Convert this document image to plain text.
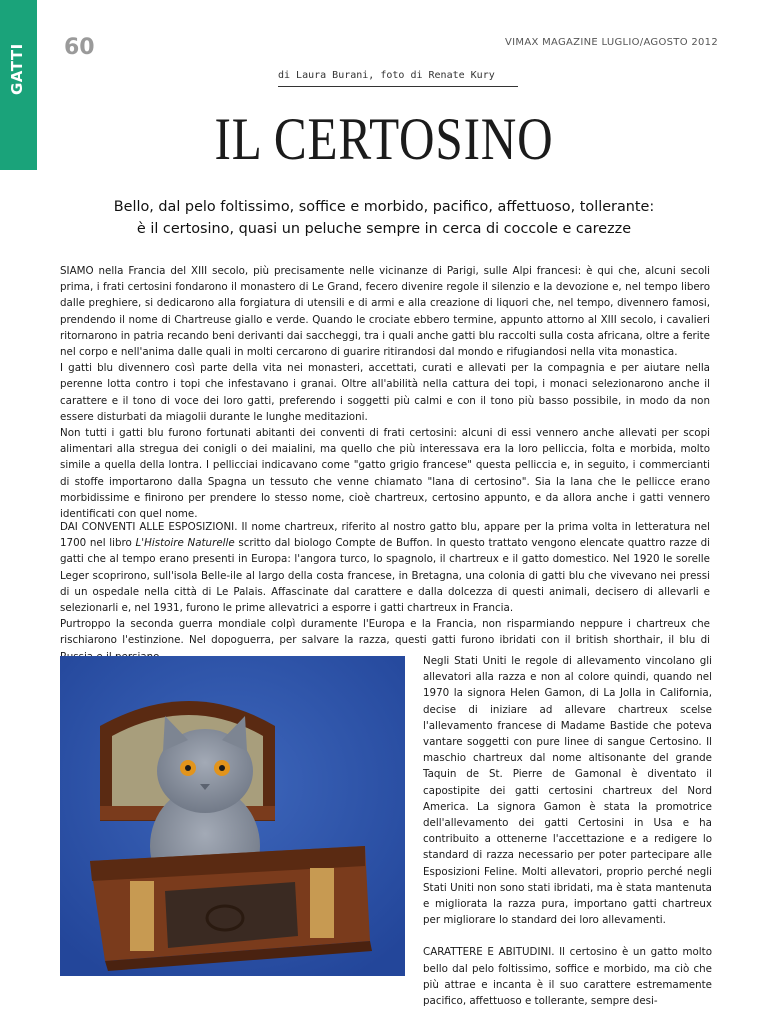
GATTI 60	VIMAX MAGAZINE LUGLIO/AGOSTO 2012
di Laura Burani, foto di Renate Kury
IL CERTOSINO
Bello, dal pelo foltissimo, soffice e morbido, pacifico, affettuoso, tollerante:
è il certosino, quasi un peluche sempre in cerca di coccole e carezze

SIAMO nella Francia del XIII secolo, più precisamente nelle vicinanze di Parigi, sulle Alpi francesi: è qui che, alcuni secoli prima, i frati certosini fondarono il monastero di Le Grand, fecero divenire regole il silenzio e la devozione e, nel tempo libero dalle preghiere, si dedicarono alla forgiatura di utensili e di armi e alla creazione di liquori che, nel tempo, divennero famosi, prendendo il nome di Chartreuse giallo e verde. Quando le crociate ebbero termine, appunto attorno al XIII secolo, i cavalieri ritornarono in patria recando beni derivanti dai saccheggi, tra i quali anche gatti blu raccolti sulla costa africana, oltre a ferite nel corpo e nell'anima dalle quali in molti cercarono di guarire ritirandosi dal mondo e rifugiandosi nella vita monastica.

I gatti blu divennero così parte della vita nei monasteri, accettati, curati e allevati per la compagnia e per aiutare nella perenne lotta contro i topi che infestavano i granai. Oltre all'abilità nella cattura dei topi, i monaci selezionarono anche il carattere e il tono di voce dei loro gatti, preferendo i soggetti più calmi e con il tono più basso possibile, in modo da non essere disturbati da miagolii durante le lunghe meditazioni.

Non tutti i gatti blu furono fortunati abitanti dei conventi di frati certosini: alcuni di essi vennero anche allevati per scopi alimentari alla stregua dei conigli o dei maialini, ma quello che più interessava era la loro pelliccia, folta e morbida, molto simile a quella della lontra. I pellicciai indicavano come "gatto grigio francese" questa pelliccia e, in seguito, i commercianti di stoffe importarono dalla Spagna un tessuto che venne chiamato "lana di certosino". Sia la lana che le pellicce erano morbidissime e finirono per prendere lo stesso nome, cioè chartreux, certosino appunto, e da allora anche i gatti vennero identificati con quel nome.

DAI CONVENTI ALLE ESPOSIZIONI. Il nome chartreux, riferito al nostro gatto blu, appare per la prima volta in letteratura nel 1700 nel libro L'Histoire Naturelle scritto dal biologo Compte de Buffon. In questo trattato vengono elencate quattro razze di gatti che al tempo erano presenti in Europa: l'angora turco, lo spagnolo, il chartreux e il gatto domestico. Nel 1920 le sorelle Leger scoprirono, sull'isola Belle-ile al largo della costa francese, in Bretagna, una colonia di gatti blu che vivevano nei pressi di un ospedale nella città di Le Palais. Affascinate dal carattere e dalla dolcezza di questi animali, decisero di allevarli e selezionarli e, nel 1931, furono le prime allevatrici a esporre i gatti chartreux in Francia.

Purtroppo la seconda guerra mondiale colpì duramente l'Europa e la Francia, non risparmiando neppure i chartreux che rischiarono l'estinzione. Nel dopoguerra, per salvare la razza, questi gatti furono ibridati con il british shorthair, il blu di

Negli Stati Uniti le regole di allevamento vincolano gli allevatori alla razza e non al colore quindi, quando nel 1970 la signora Helen Gamon, di La Jolla in California, decise di iniziare ad allevare chartreux scelse l'allevamento francese di Madame Bastide che poteva vantare soggetti con pure linee di sangue Certosino. Il maschio chartreux dal nome altisonante del grande Taquin de St. Pierre de Gamonal è diventato il capostipite dei gatti certosini chartreux del Nord America. La signora Gamon è stata la promotrice dell'allevamento dei gatti Certosini in Usa e ha contribuito a ottenerne l'accettazione e a redigere lo standard di razza necessario per poter partecipare alle Esposizioni Feline. Molti allevatori, proprio perché negli Stati Uniti non sono stati ibridati, ma è stata mantenuta e migliorata la razza pura, importano gatti chartreux per migliorare lo standard dei loro allevamenti.

CARATTERE E ABITUDINI. Il certosino è un gatto molto bello dal pelo foltissimo, soffice e morbido, ma ciò che più attrae e incanta è il suo carattere estremamente pacifico, affettuoso e tollerante, sempre desi-
